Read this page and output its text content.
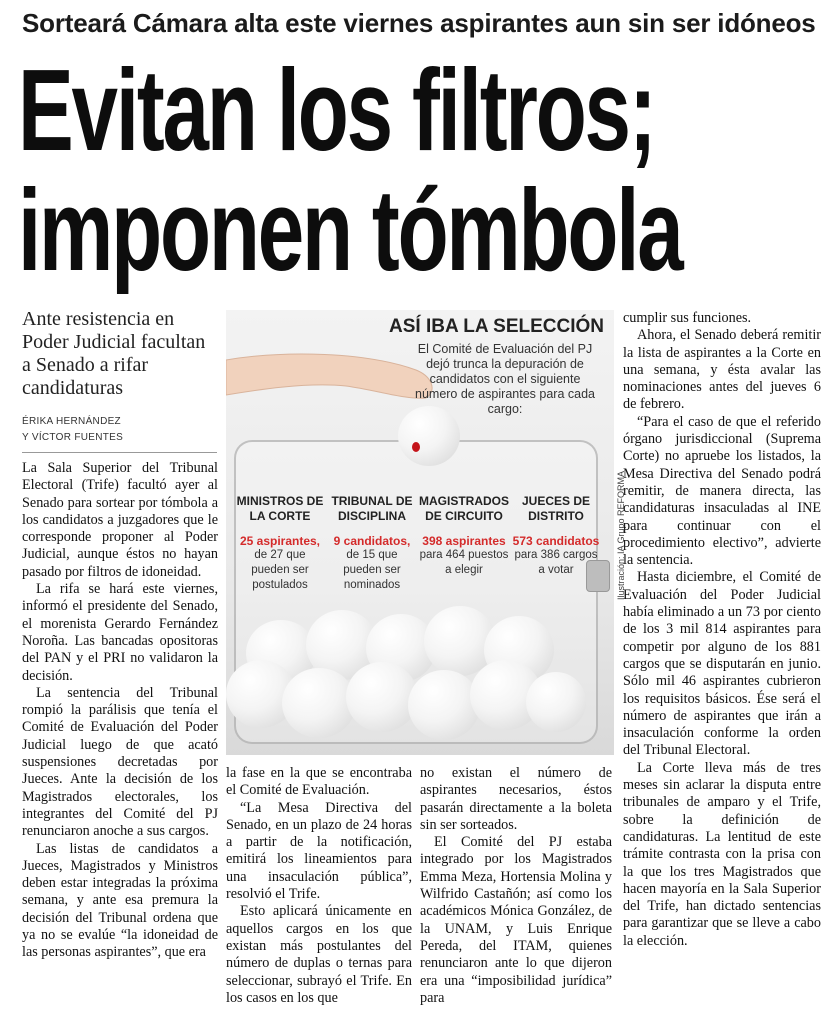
Sorteará Cámara alta este viernes aspirantes aun sin ser idóneos
Evitan los filtros;
imponen tómbola
Ante resistencia en Poder Judicial facultan a Senado a rifar candidaturas
ÉRIKA HERNÁNDEZ
Y VÍCTOR FUENTES

La Sala Superior del Tribunal Electoral (Trife) facultó ayer al Senado para sortear por tómbola a los candidatos a juzgadores que le corresponde proponer al Poder Judicial, aunque éstos no hayan pasado por filtros de idoneidad.

La rifa se hará este viernes, informó el presidente del Senado, el morenista Gerardo Fernández Noroña. Las bancadas opositoras del PAN y el PRI no validaron la decisión.

La sentencia del Tribunal rompió la parálisis que tenía el Comité de Evaluación del Poder Judicial luego de que acató suspensiones decretadas por Jueces. Ante la decisión de los Magistrados electorales, los integrantes del Comité del PJ renunciaron anoche a sus cargos.

Las listas de candidatos a Jueces, Magistrados y Ministros deben estar integradas la próxima semana, y ante esa premura la decisión del Tribunal ordena que ya no se evalúe “la idoneidad de las personas aspirantes”, que era

ASÍ IBA LA SELECCIÓN
El Comité de Evaluación del PJ dejó trunca la depuración de candidatos con el siguiente número de aspirantes para cada cargo:
MINISTROS DE LA CORTE
25 aspirantes,
de 27 que pueden ser postulados
TRIBUNAL DE DISCIPLINA
9 candidatos,
de 15 que pueden ser nominados
MAGISTRADOS DE CIRCUITO
398 aspirantes
para 464 puestos a elegir
JUECES DE DISTRITO
573 candidatos
para 386 cargos a votar	Ilustración: IA Grupo REFORMA

la fase en la que se encontraba el Comité de Evaluación.

“La Mesa Directiva del Senado, en un plazo de 24 horas a partir de la notificación, emitirá los lineamientos para una insaculación pública”, resolvió el Trife.

Esto aplicará únicamente en aquellos cargos en los que existan más postulantes del número de duplas o ternas para seleccionar, subrayó el Trife. En los casos en los que

no existan el número de aspirantes necesarios, éstos pasarán directamente a la boleta sin ser sorteados.

El Comité del PJ estaba integrado por los Magistrados Emma Meza, Hortensia Molina y Wilfrido Castañón; así como los académicos Mónica González, de la UNAM, y Luis Enrique Pereda, del ITAM, quienes renunciaron ante lo que dijeron era una “imposibilidad jurídica” para

cumplir sus funciones.

Ahora, el Senado deberá remitir la lista de aspirantes a la Corte en una semana, y ésta avalar las nominaciones antes del jueves 6 de febrero.

“Para el caso de que el referido órgano jurisdiccional (Suprema Corte) no apruebe los listados, la Mesa Directiva del Senado podrá remitir, de manera directa, las candidaturas insaculadas al INE para continuar con el procedimiento electivo”, advierte la sentencia.

Hasta diciembre, el Comité de Evaluación del Poder Judicial había eliminado a un 73 por ciento de los 3 mil 814 aspirantes para competir por alguno de los 881 cargos que se disputarán en junio. Sólo mil 46 aspirantes cubrieron los requisitos básicos. Ése será el número de aspirantes que irán a insaculación conforme la orden del Tribunal Electoral.

La Corte lleva más de tres meses sin aclarar la disputa entre tribunales de amparo y el Trife, sobre la definición de candidaturas. La lentitud de este trámite contrasta con la prisa con la que los tres Magistrados que hacen mayoría en la Sala Superior del Trife, han dictado sentencias para garantizar que se lleve a cabo la elección.
